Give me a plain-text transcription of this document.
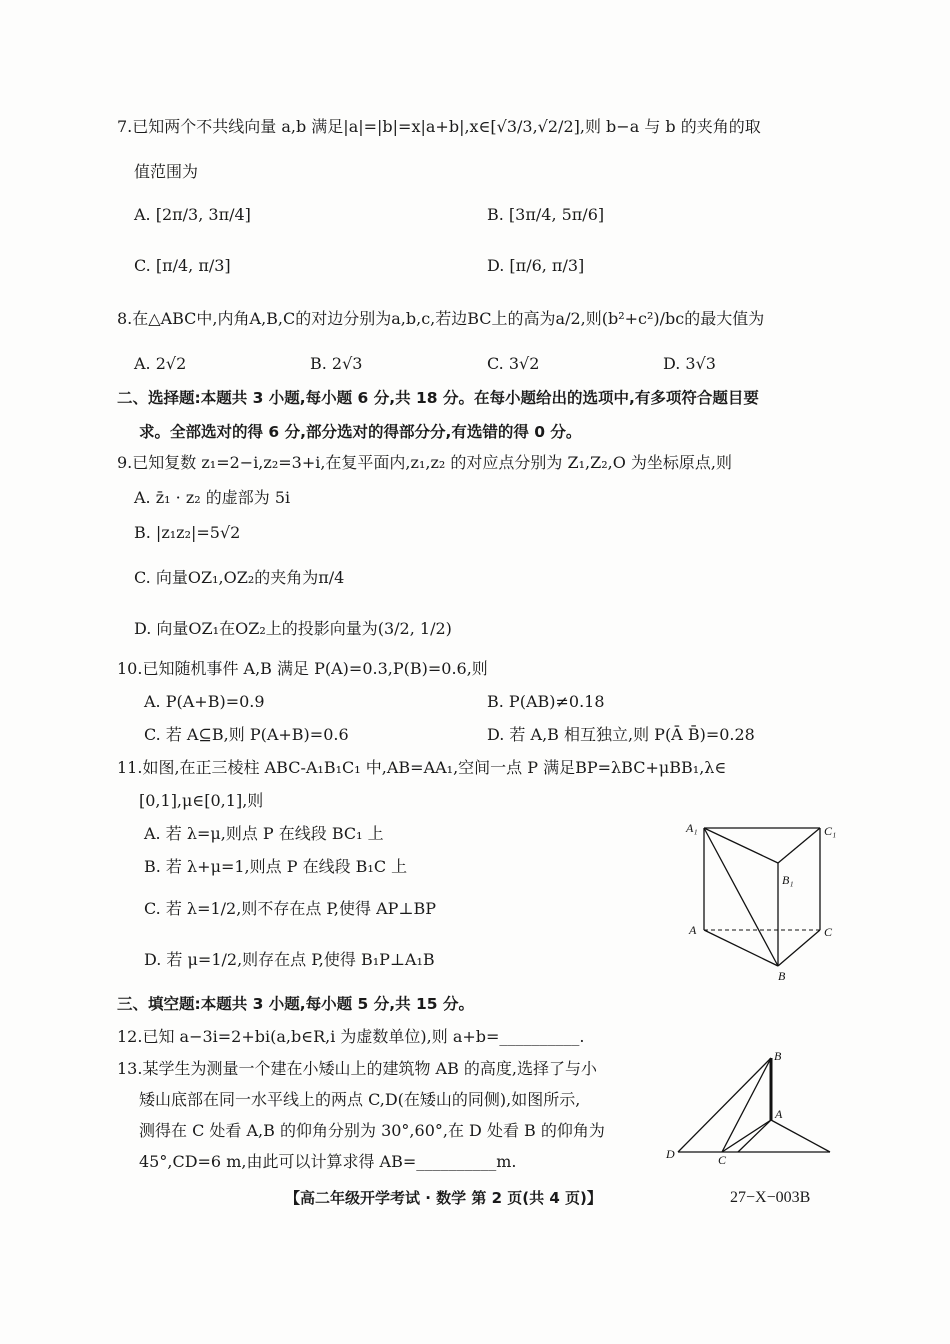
7.已知两个不共线向量 a,b 满足|a|=|b|=x|a+b|,x∈[√3/3,√2/2],则 b−a 与 b 的夹角的取
值范围为
A. [2π/3, 3π/4]	B. [3π/4, 5π/6]
C. [π/4, π/3]	D. [π/6, π/3]
8.在△ABC中,内角A,B,C的对边分别为a,b,c,若边BC上的高为a/2,则(b²+c²)/bc的最大值为
A. 2√2	B. 2√3	C. 3√2	D. 3√3
二、选择题:本题共 3 小题,每小题 6 分,共 18 分。在每小题给出的选项中,有多项符合题目要
求。全部选对的得 6 分,部分选对的得部分分,有选错的得 0 分。
9.已知复数 z₁=2−i,z₂=3+i,在复平面内,z₁,z₂ 的对应点分别为 Z₁,Z₂,O 为坐标原点,则
A. z̄₁ · z₂ 的虚部为 5i
B. |z₁z₂|=5√2
C. 向量OZ₁,OZ₂的夹角为π/4
D. 向量OZ₁在OZ₂上的投影向量为(3/2, 1/2)
10.已知随机事件 A,B 满足 P(A)=0.3,P(B)=0.6,则
A. P(A+B)=0.9	B. P(AB)≠0.18
C. 若 A⊆B,则 P(A+B)=0.6	D. 若 A,B 相互独立,则 P(Ā B̄)=0.28
11.如图,在正三棱柱 ABC-A₁B₁C₁ 中,AB=AA₁,空间一点 P 满足BP=λBC+μBB₁,λ∈
[0,1],μ∈[0,1],则
A. 若 λ=μ,则点 P 在线段 BC₁ 上
B. 若 λ+μ=1,则点 P 在线段 B₁C 上
C. 若 λ=1/2,则不存在点 P,使得 AP⊥BP
D. 若 μ=1/2,则存在点 P,使得 B₁P⊥A₁B
A₁	C₁
B₁
A	C
B
三、填空题:本题共 3 小题,每小题 5 分,共 15 分。
12.已知 a−3i=2+bi(a,b∈R,i 为虚数单位),则 a+b=__________.
13.某学生为测量一个建在小矮山上的建筑物 AB 的高度,选择了与小
矮山底部在同一水平线上的两点 C,D(在矮山的同侧),如图所示,
测得在 C 处看 A,B 的仰角分别为 30°,60°,在 D 处看 B 的仰角为
45°,CD=6 m,由此可以计算求得 AB=__________m.
B
A
D	C
【高二年级开学考试 · 数学 第 2 页(共 4 页)】	27−X−003B
